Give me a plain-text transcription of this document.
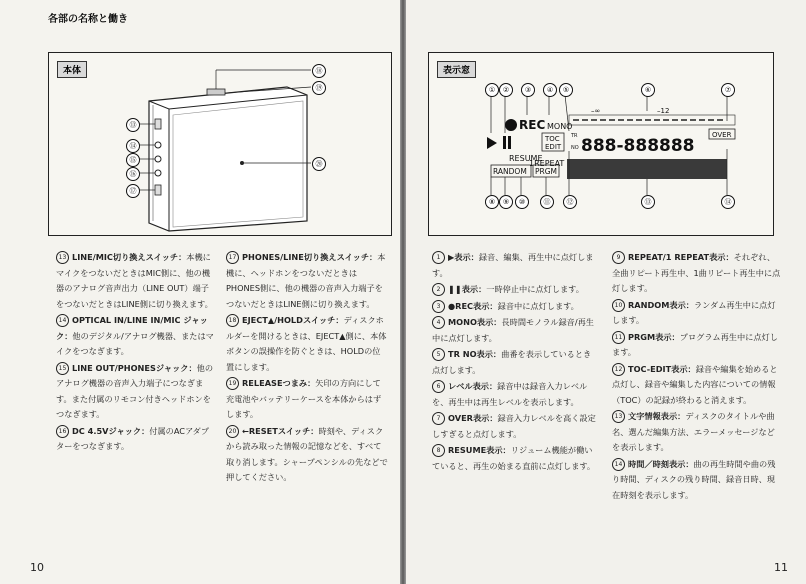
各部の名称と働き
本体	⑱
⑲
⑬
⑭
⑮
⑯
⑰
⑳
13 LINE/MIC切り換えスイッチ：本機にマイクをつないだときはMIC側に、他の機器のアナログ音声出力（LINE OUT）端子をつないだときはLINE側に切り換えます。
14 OPTICAL IN/LINE IN/MIC ジャック：他のデジタル/アナログ機器、またはマイクをつなぎます。
15 LINE OUT/PHONESジャック：他のアナログ機器の音声入力端子につなぎます。また付属のリモコン付きヘッドホンをつなぎます。
16 DC 4.5Vジャック：付属のACアダプターをつなぎます。
17 PHONES/LINE切り換えスイッチ：本機に、ヘッドホンをつないだときはPHONES側に、他の機器の音声入力端子をつないだときはLINE側に切り換えます。
18 EJECT▲/HOLDスイッチ：ディスクホルダーを開けるときは、EJECT▲側に、本体ボタンの誤操作を防ぐときは、HOLDの位置にします。
19 RELEASEつまみ：矢印の方向にして充電池やバッテリーケースを本体からはずします。
20 ←RESETスイッチ：時刻や、ディスクから読み取った情報の記憶などを、すべて取り消します。シャープペンシルの先などで押してください。
10
表示窓
REC MONO
TOC
EDIT
OVER
–∞	–12
RESUME
1REPEAT
RANDOM PRGM
TR
NO 888-888888
①	②	③	④	⑤	⑥	⑦
⑧	⑨	⑩	⑪	⑫	⑬	⑭
1 ▶表示：録音、編集、再生中に点灯します。
2 ❚❚表示：一時停止中に点灯します。
3 ●REC表示：録音中に点灯します。
4 MONO表示：長時間モノラル録音/再生中に点灯します。
5 TR NO表示：曲番を表示しているとき点灯します。
6 レベル表示：録音中は録音入力レベルを、再生中は再生レベルを表示します。
7 OVER表示：録音入力レベルを高く設定しすぎると点灯します。
8 RESUME表示：リジューム機能が働いていると、再生の始まる直前に点灯します。
9 REPEAT/1 REPEAT表示：それぞれ、全曲リピート再生中、1曲リピート再生中に点灯します。
10 RANDOM表示：ランダム再生中に点灯します。
11 PRGM表示：プログラム再生中に点灯します。
12 TOC-EDIT表示：録音や編集を始めると点灯し、録音や編集した内容についての情報（TOC）の記録が終わると消えます。
13 文字情報表示：ディスクのタイトルや曲名、選んだ編集方法、エラーメッセージなどを表示します。
14 時間／時刻表示：曲の再生時間や曲の残り時間、ディスクの残り時間、録音日時、現在時刻を表示します。
11
